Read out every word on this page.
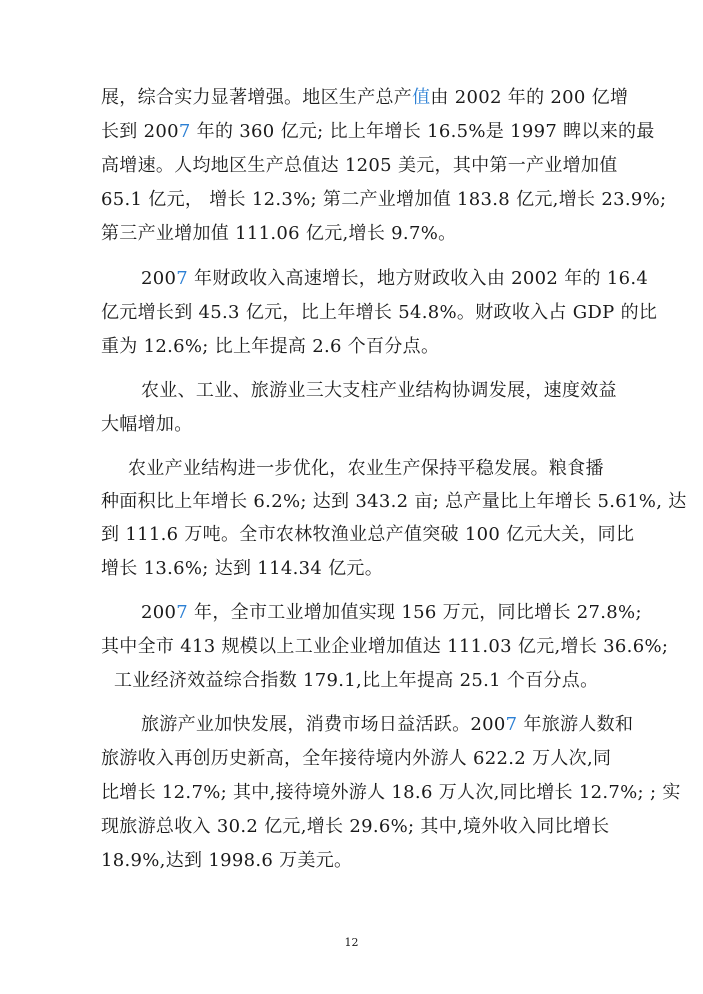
展，综合实力显著增强。地区生产总产值由 2002 年的 200 亿增
长到 2007 年的 360 亿元; 比上年增长 16.5%是 1997 睥以来的最
高增速。人均地区生产总值达 1205 美元，其中第一产业增加值
65.1 亿元， 增长 12.3%; 第二产业增加值 183.8 亿元,增长 23.9%;
第三产业增加值 111.06 亿元,增长 9.7%。
2007 年财政收入高速增长，地方财政收入由 2002 年的 16.4
亿元增长到 45.3 亿元，比上年增长 54.8%。财政收入占 GDP 的比
重为 12.6%; 比上年提高 2.6 个百分点。
农业、工业、旅游业三大支柱产业结构协调发展，速度效益
大幅增加。
农业产业结构进一步优化，农业生产保持平稳发展。粮食播
种面积比上年增长 6.2%; 达到 343.2 亩; 总产量比上年增长 5.61%, 达
到 111.6 万吨。全市农林牧渔业总产值突破 100 亿元大关，同比
增长 13.6%; 达到 114.34 亿元。
2007 年，全市工业增加值实现 156 万元，同比增长 27.8%;
其中全市 413 规模以上工业企业增加值达 111.03 亿元,增长 36.6%;
工业经济效益综合指数 179.1,比上年提高 25.1 个百分点。
旅游产业加快发展，消费市场日益活跃。2007 年旅游人数和
旅游收入再创历史新高，全年接待境内外游人 622.2 万人次,同
比增长 12.7%; 其中,接待境外游人 18.6 万人次,同比增长 12.7%; ; 实
现旅游总收入 30.2 亿元,增长 29.6%; 其中,境外收入同比增长
18.9%,达到 1998.6 万美元。
12
